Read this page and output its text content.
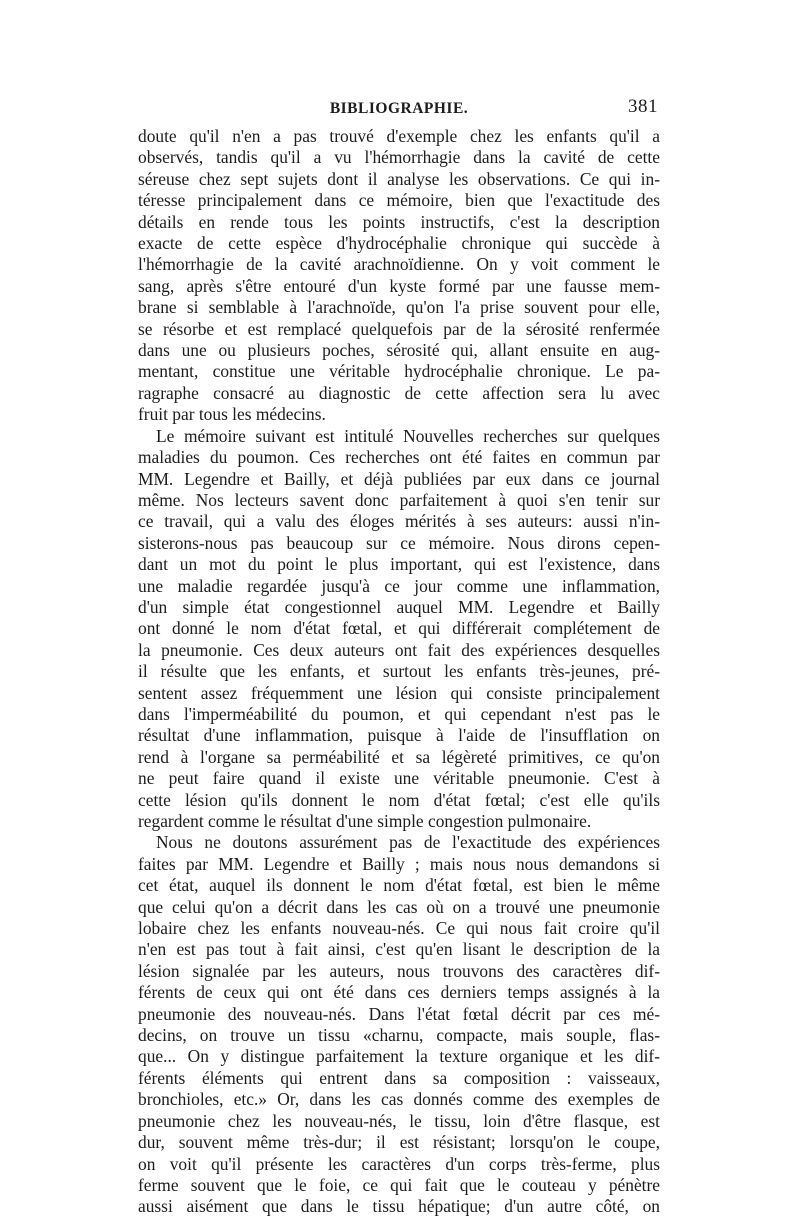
BIBLIOGRAPHIE.	381

doute qu'il n'en a pas trouvé d'exemple chez les enfants qu'il a

observés, tandis qu'il a vu l'hémorrhagie dans la cavité de cette

séreuse chez sept sujets dont il analyse les observations. Ce qui in-

téresse principalement dans ce mémoire, bien que l'exactitude des

détails en rende tous les points instructifs, c'est la description

exacte de cette espèce d'hydrocéphalie chronique qui succède à

l'hémorrhagie de la cavité arachnoïdienne. On y voit comment le

sang, après s'être entouré d'un kyste formé par une fausse mem-

brane si semblable à l'arachnoïde, qu'on l'a prise souvent pour elle,

se résorbe et est remplacé quelquefois par de la sérosité renfermée

dans une ou plusieurs poches, sérosité qui, allant ensuite en aug-

mentant, constitue une véritable hydrocéphalie chronique. Le pa-

ragraphe consacré au diagnostic de cette affection sera lu avec

fruit par tous les médecins.

Le mémoire suivant est intitulé Nouvelles recherches sur quelques

maladies du poumon. Ces recherches ont été faites en commun par

MM. Legendre et Bailly, et déjà publiées par eux dans ce journal

même. Nos lecteurs savent donc parfaitement à quoi s'en tenir sur

ce travail, qui a valu des éloges mérités à ses auteurs: aussi n'in-

sisterons-nous pas beaucoup sur ce mémoire. Nous dirons cepen-

dant un mot du point le plus important, qui est l'existence, dans

une maladie regardée jusqu'à ce jour comme une inflammation,

d'un simple état congestionnel auquel MM. Legendre et Bailly

ont donné le nom d'état fœtal, et qui différerait complétement de

la pneumonie. Ces deux auteurs ont fait des expériences desquelles

il résulte que les enfants, et surtout les enfants très-jeunes, pré-

sentent assez fréquemment une lésion qui consiste principalement

dans l'imperméabilité du poumon, et qui cependant n'est pas le

résultat d'une inflammation, puisque à l'aide de l'insufflation on

rend à l'organe sa perméabilité et sa légèreté primitives, ce qu'on

ne peut faire quand il existe une véritable pneumonie. C'est à

cette lésion qu'ils donnent le nom d'état fœtal; c'est elle qu'ils

regardent comme le résultat d'une simple congestion pulmonaire.

Nous ne doutons assurément pas de l'exactitude des expériences

faites par MM. Legendre et Bailly ; mais nous nous demandons si

cet état, auquel ils donnent le nom d'état fœtal, est bien le même

que celui qu'on a décrit dans les cas où on a trouvé une pneumonie

lobaire chez les enfants nouveau-nés. Ce qui nous fait croire qu'il

n'en est pas tout à fait ainsi, c'est qu'en lisant le description de la

lésion signalée par les auteurs, nous trouvons des caractères dif-

férents de ceux qui ont été dans ces derniers temps assignés à la

pneumonie des nouveau-nés. Dans l'état fœtal décrit par ces mé-

decins, on trouve un tissu «charnu, compacte, mais souple, flas-

que... On y distingue parfaitement la texture organique et les dif-

férents éléments qui entrent dans sa composition : vaisseaux,

bronchioles, etc.» Or, dans les cas donnés comme des exemples de

pneumonie chez les nouveau-nés, le tissu, loin d'être flasque, est

dur, souvent même très-dur; il est résistant; lorsqu'on le coupe,

on voit qu'il présente les caractères d'un corps très-ferme, plus

ferme souvent que le foie, ce qui fait que le couteau y pénètre

aussi aisément que dans le tissu hépatique; d'un autre côté, on
